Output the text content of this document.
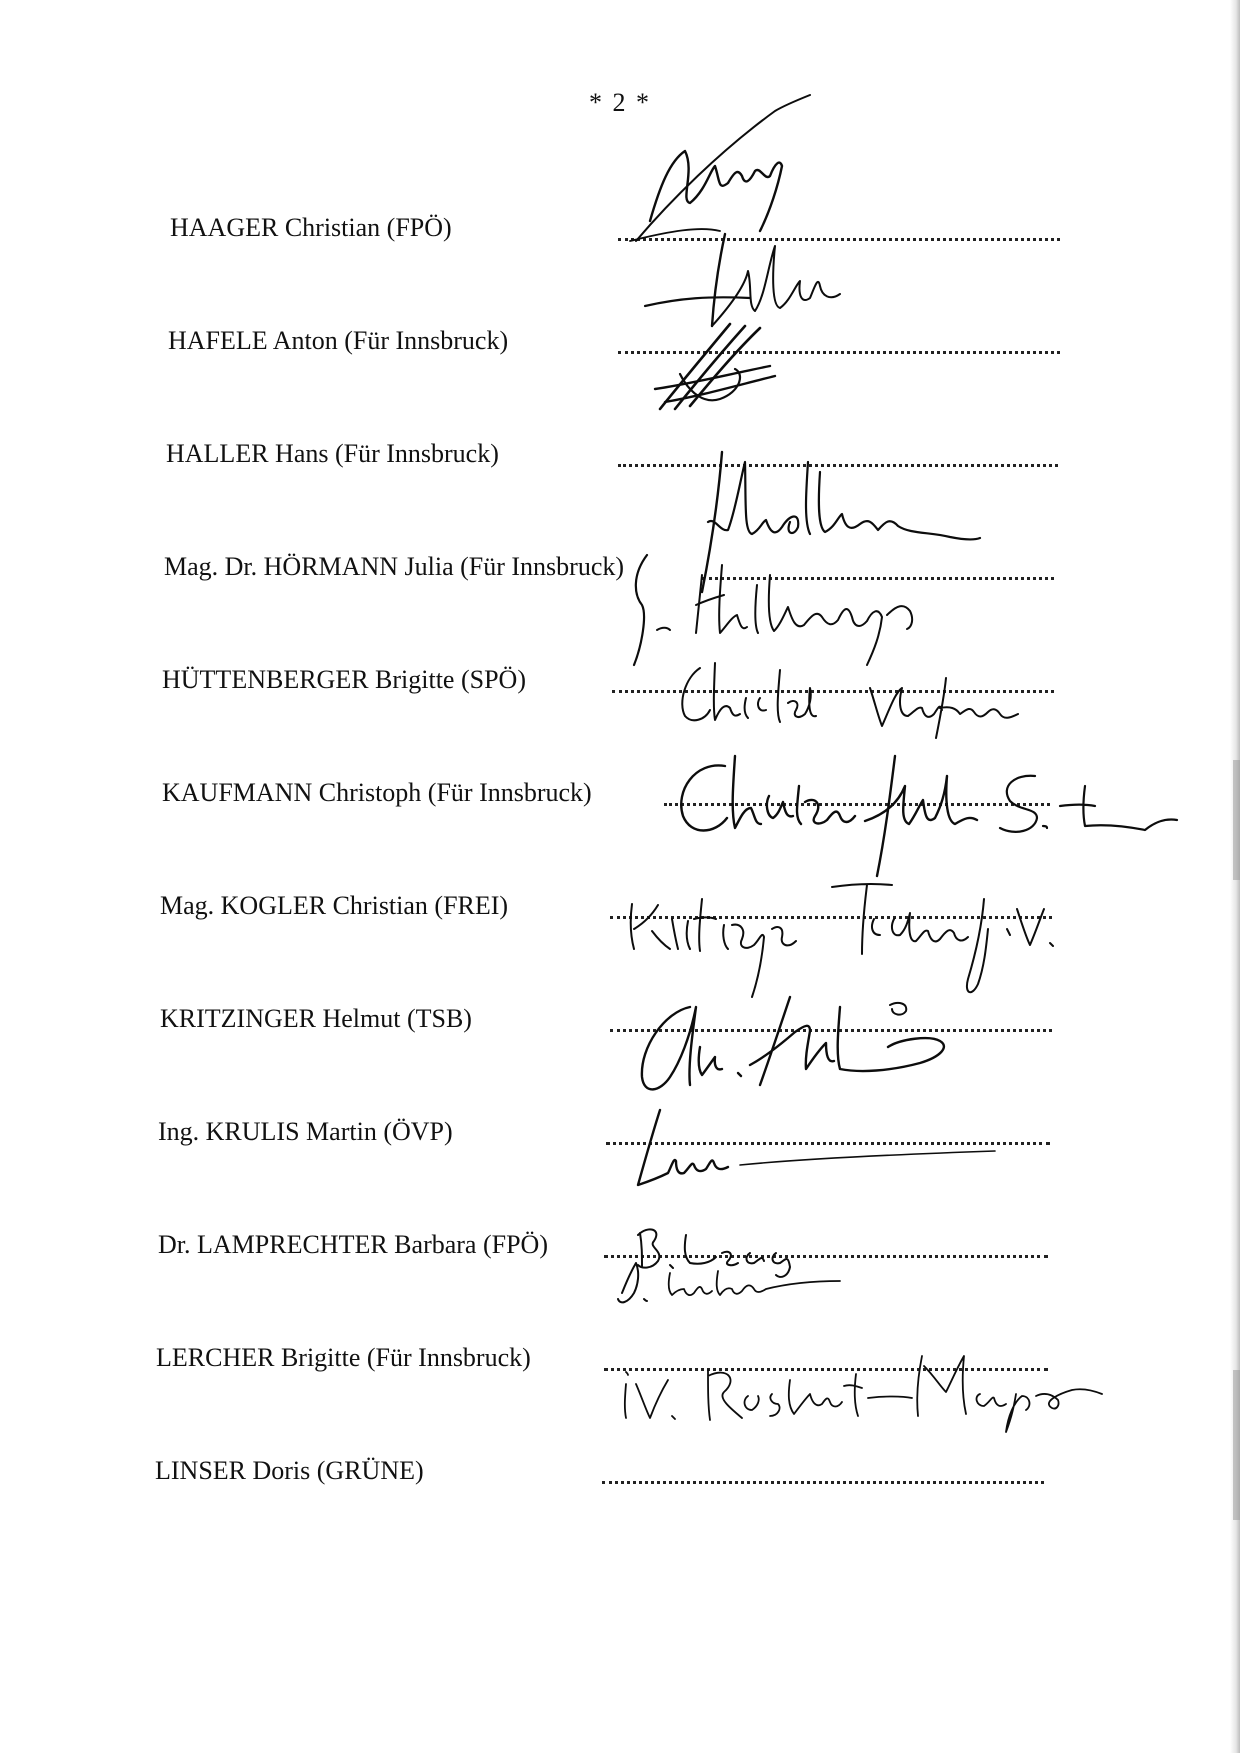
* 2 *
HAAGER Christian (FPÖ)
HAFELE Anton (Für Innsbruck)
HALLER Hans (Für Innsbruck)
Mag. Dr. HÖRMANN Julia (Für Innsbruck)
HÜTTENBERGER Brigitte (SPÖ)
KAUFMANN Christoph (Für Innsbruck)
Mag. KOGLER Christian (FREI)
KRITZINGER Helmut (TSB)
Ing. KRULIS Martin (ÖVP)
Dr. LAMPRECHTER Barbara (FPÖ)
LERCHER Brigitte (Für Innsbruck)
LINSER Doris (GRÜNE)
